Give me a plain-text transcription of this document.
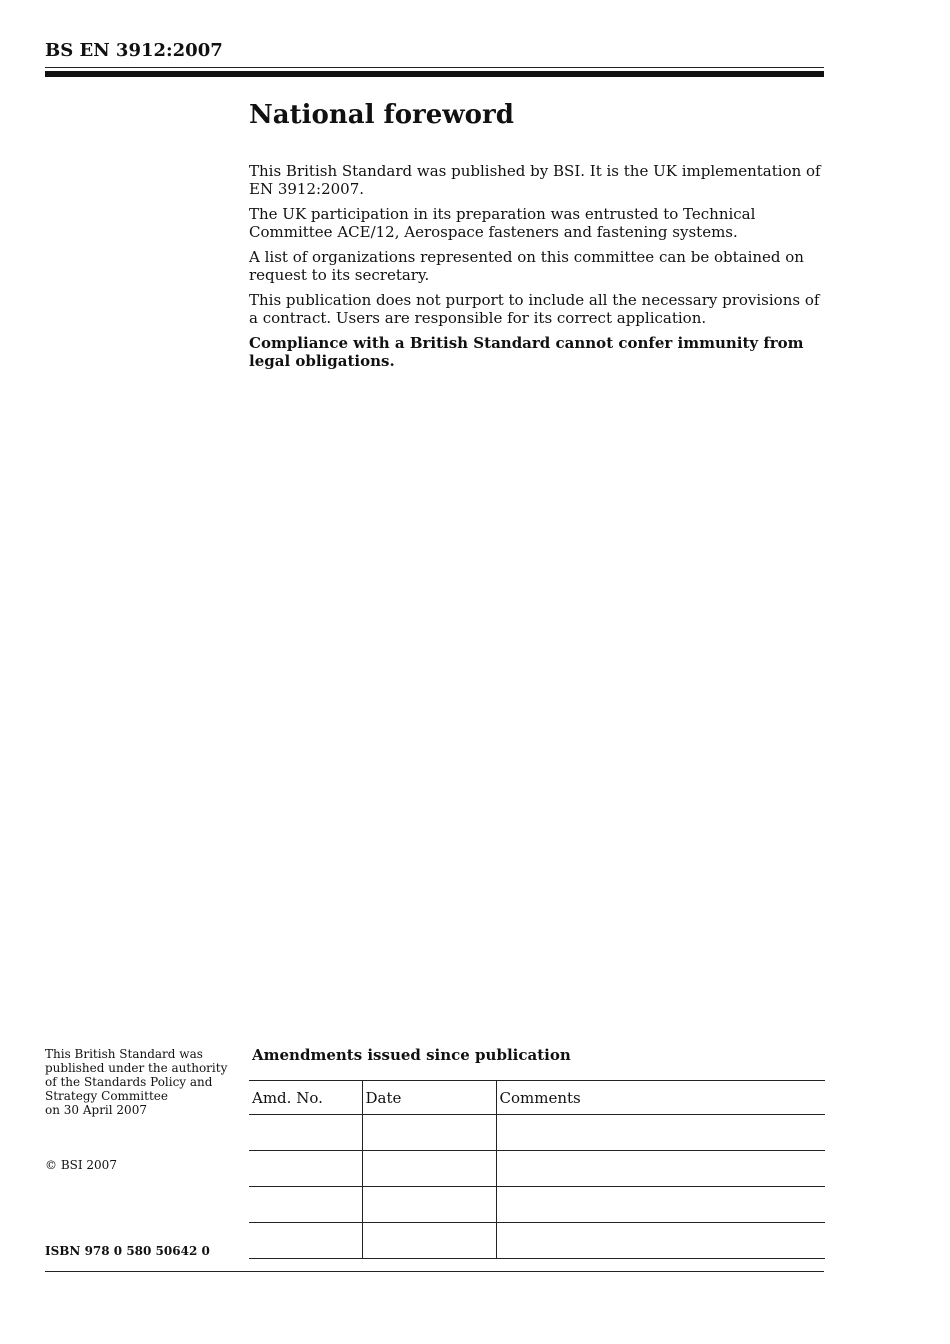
BS EN 3912:2007
National foreword

This British Standard was published by BSI. It is the UK implementation of EN 3912:2007.

The UK participation in its preparation was entrusted to Technical Committee ACE/12, Aerospace fasteners and fastening systems.

A list of organizations represented on this committee can be obtained on request to its secretary.

This publication does not purport to include all the necessary provisions of a contract. Users are responsible for its correct application.

Compliance with a British Standard cannot confer immunity from legal obligations.

This British Standard was
published under the authority
of the Standards Policy and
Strategy Committee
on 30 April 2007
© BSI 2007
ISBN 978 0 580 50642 0
Amendments issued since publication
Amd. No.	Date	Comments
